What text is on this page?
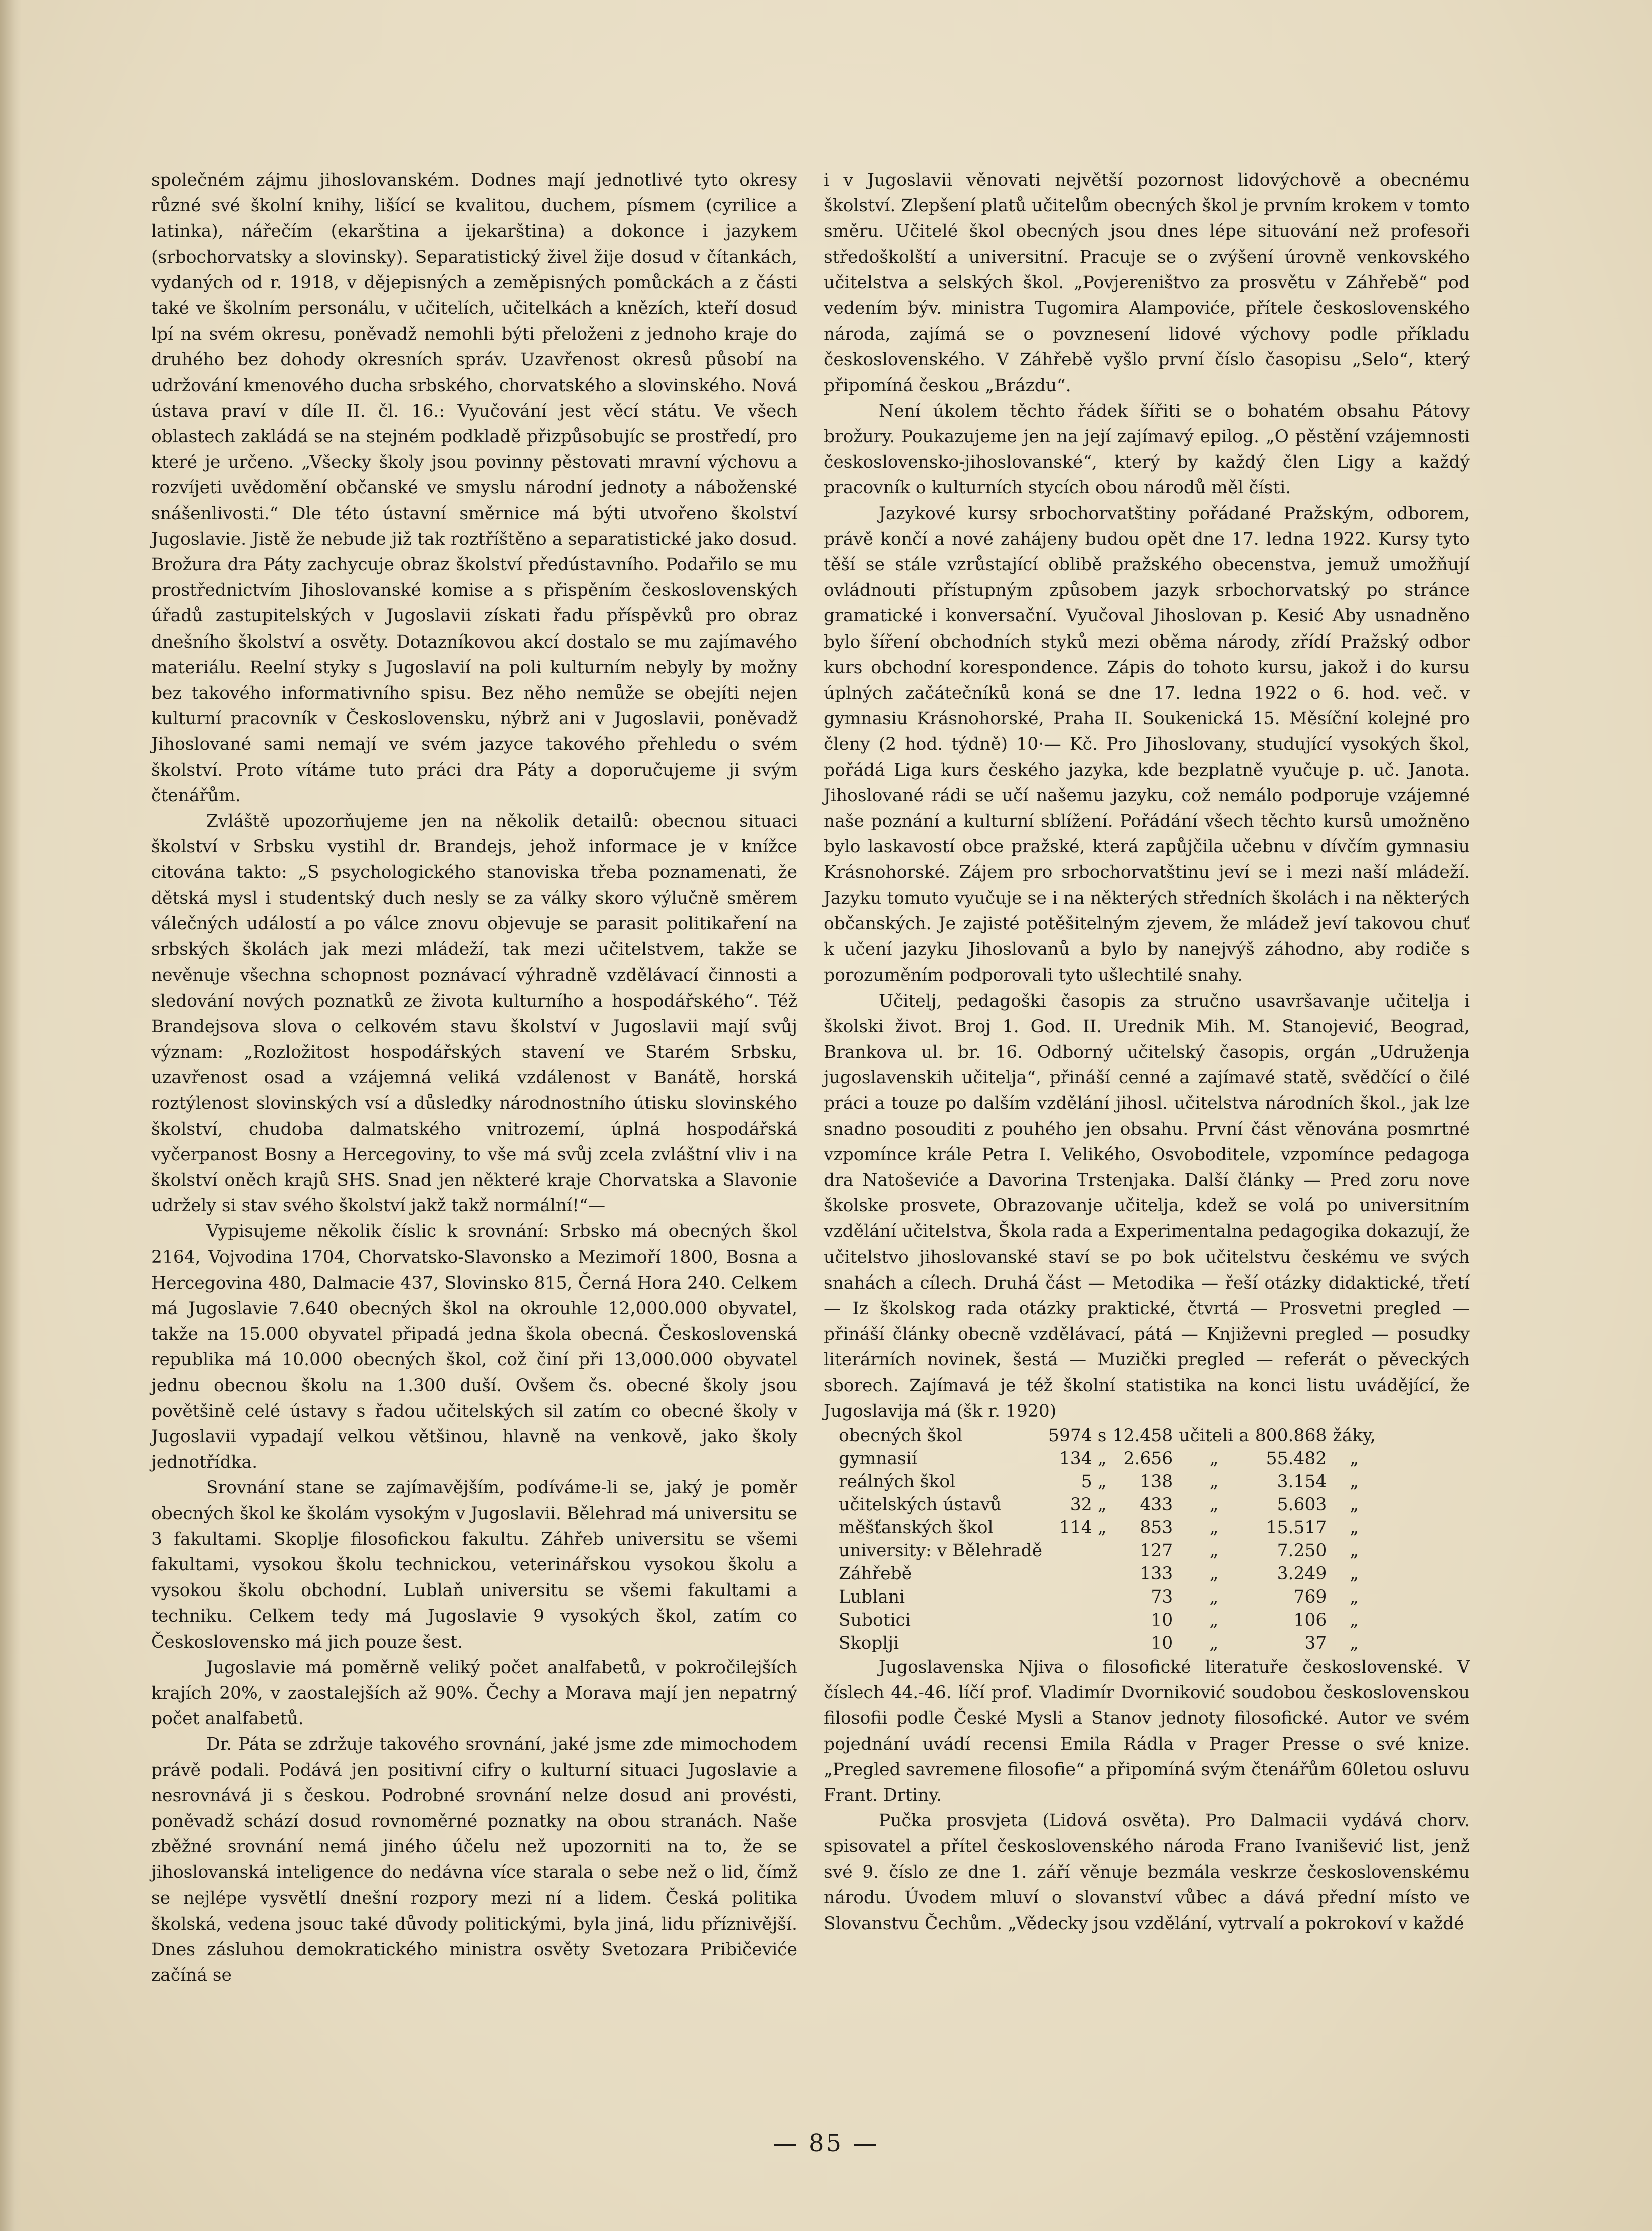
společném zájmu jihoslovanském. Dodnes mají jednotlivé tyto okresy různé své školní knihy, lišící se kvalitou, duchem, písmem (cyrilice a latinka), nářečím (ekarština a ijekarština) a dokonce i jazykem (srbochorvatsky a slovinsky). Separatistický živel žije dosud v čítankách, vydaných od r. 1918, v dějepisných a zeměpisných pomůckách a z části také ve školním personálu, v učitelích, učitelkách a knězích, kteří dosud lpí na svém okresu, poněvadž nemohli býti přeloženi z jednoho kraje do druhého bez dohody okresních správ. Uzavřenost okresů působí na udržování kmenového ducha srbského, chorvatského a slovinského. Nová ústava praví v díle II. čl. 16.: Vyučování jest věcí státu. Ve všech oblastech zakládá se na stejném podkladě přizpůsobujíc se prostředí, pro které je určeno. „Všecky školy jsou povinny pěstovati mravní výchovu a rozvíjeti uvědomění občanské ve smyslu národní jednoty a náboženské snášenlivosti.“ Dle této ústavní směrnice má býti utvořeno školství Jugoslavie. Jistě že nebude již tak roztříštěno a separatistické jako dosud. Brožura dra Páty zachycuje obraz školství předústavního. Podařilo se mu prostřednictvím Jihoslovanské komise a s přispěním československých úřadů zastupitelských v Jugoslavii získati řadu příspěvků pro obraz dnešního školství a osvěty. Dotazníkovou akcí dostalo se mu zajímavého materiálu. Reelní styky s Jugoslavií na poli kulturním nebyly by možny bez takového informativního spisu. Bez něho nemůže se obejíti nejen kulturní pracovník v Československu, nýbrž ani v Jugoslavii, poněvadž Jihoslované sami nemají ve svém jazyce takového přehledu o svém školství. Proto vítáme tuto práci dra Páty a doporučujeme ji svým čtenářům.

Zvláště upozorňujeme jen na několik detailů: obecnou situaci školství v Srbsku vystihl dr. Brandejs, jehož informace je v knížce citována takto: „S psychologického stanoviska třeba poznamenati, že dětská mysl i studentský duch nesly se za války skoro výlučně směrem válečných událostí a po válce znovu objevuje se parasit politikaření na srbských školách jak mezi mládeží, tak mezi učitelstvem, takže se nevěnuje všechna schopnost poznávací výhradně vzdělávací činnosti a sledování nových poznatků ze života kulturního a hospodářského“. Též Brandejsova slova o celkovém stavu školství v Jugoslavii mají svůj význam: „Rozložitost hospodářských stavení ve Starém Srbsku, uzavřenost osad a vzájemná veliká vzdálenost v Banátě, horská roztýlenost slovinských vsí a důsledky národnostního útisku slovinského školství, chudoba dalmatského vnitrozemí, úplná hospodářská vyčerpanost Bosny a Hercegoviny, to vše má svůj zcela zvláštní vliv i na školství oněch krajů SHS. Snad jen některé kraje Chorvatska a Slavonie udržely si stav svého školství jakž takž normální!“—

Vypisujeme několik číslic k srovnání: Srbsko má obecných škol 2164, Vojvodina 1704, Chorvatsko-Slavonsko a Mezimoří 1800, Bosna a Hercegovina 480, Dalmacie 437, Slovinsko 815, Černá Hora 240. Celkem má Jugoslavie 7.640 obecných škol na okrouhle 12,000.000 obyvatel, takže na 15.000 obyvatel připadá jedna škola obecná. Československá republika má 10.000 obecných škol, což činí při 13,000.000 obyvatel jednu obecnou školu na 1.300 duší. Ovšem čs. obecné školy jsou povětšině celé ústavy s řadou učitelských sil zatím co obecné školy v Jugoslavii vypadají velkou většinou, hlavně na venkově, jako školy jednotřídka.

Srovnání stane se zajímavějším, podíváme-li se, jaký je poměr obecných škol ke školám vysokým v Jugoslavii. Bělehrad má universitu se 3 fakultami. Skoplje filosofickou fakultu. Záhřeb universitu se všemi fakultami, vysokou školu technickou, veterinářskou vysokou školu a vysokou školu obchodní. Lublaň universitu se všemi fakultami a techniku. Celkem tedy má Jugoslavie 9 vysokých škol, zatím co Československo má jich pouze šest.

Jugoslavie má poměrně veliký počet analfabetů, v pokročilejších krajích 20%, v zaostalejších až 90%. Čechy a Morava mají jen nepatrný počet analfabetů.

Dr. Páta se zdržuje takového srovnání, jaké jsme zde mimochodem právě podali. Podává jen positivní cifry o kulturní situaci Jugoslavie a nesrovnává ji s českou. Podrobné srovnání nelze dosud ani provésti, poněvadž schází dosud rovnoměrné poznatky na obou stranách. Naše zběžné srovnání nemá jiného účelu než upozorniti na to, že se jihoslovanská inteligence do nedávna více starala o sebe než o lid, čímž se nejlépe vysvětlí dnešní rozpory mezi ní a lidem. Česká politika školská, vedena jsouc také důvody politickými, byla jiná, lidu příznivější. Dnes zásluhou demokratického ministra osvěty Svetozara Pribičeviće začíná se

i v Jugoslavii věnovati největší pozornost lidovýchově a obecnému školství. Zlepšení platů učitelům obecných škol je prvním krokem v tomto směru. Učitelé škol obecných jsou dnes lépe situování než profesoři středoškolští a universitní. Pracuje se o zvýšení úrovně venkovského učitelstva a selských škol. „Povjereništvo za prosvětu v Záhřebě“ pod vedením býv. ministra Tugomira Alampoviće, přítele československého národa, zajímá se o povznesení lidové výchovy podle příkladu československého. V Záhřebě vyšlo první číslo časopisu „Selo“, který připomíná českou „Brázdu“.

Není úkolem těchto řádek šířiti se o bohatém obsahu Pátovy brožury. Poukazujeme jen na její zajímavý epilog. „O pěstění vzájemnosti československo-jihoslovanské“, který by každý člen Ligy a každý pracovník o kulturních stycích obou národů měl čísti.

Jazykové kursy srbochorvatštiny pořádané Pražským, odborem, právě končí a nové zahájeny budou opět dne 17. ledna 1922. Kursy tyto těší se stále vzrůstající oblibě pražského obecenstva, jemuž umožňují ovládnouti přístupným způsobem jazyk srbochorvatský po stránce gramatické i konversační. Vyučoval Jihoslovan p. Kesić Aby usnadněno bylo šíření obchodních styků mezi oběma národy, zřídí Pražský odbor kurs obchodní korespondence. Zápis do tohoto kursu, jakož i do kursu úplných začátečníků koná se dne 17. ledna 1922 o 6. hod. več. v gymnasiu Krásnohorské, Praha II. Soukenická 15. Měsíční kolejné pro členy (2 hod. týdně) 10·— Kč. Pro Jihoslovany, studující vysokých škol, pořádá Liga kurs českého jazyka, kde bezplatně vyučuje p. uč. Janota. Jihoslované rádi se učí našemu jazyku, což nemálo podporuje vzájemné naše poznání a kulturní sblížení. Pořádání všech těchto kursů umožněno bylo laskavostí obce pražské, která zapůjčila učebnu v dívčím gymnasiu Krásnohorské. Zájem pro srbochorvatštinu jeví se i mezi naší mládeží. Jazyku tomuto vyučuje se i na některých středních školách i na některých občanských. Je zajisté potěšitelným zjevem, že mládež jeví takovou chuť k učení jazyku Jihoslovanů a bylo by nanejvýš záhodno, aby rodiče s porozuměním podporovali tyto ušlechtilé snahy.

Učitelj, pedagoški časopis za stručno usavršavanje učitelja i školski život. Broj 1. God. II. Urednik Mih. M. Stanojević, Beograd, Brankova ul. br. 16. Odborný učitelský časopis, orgán „Udruženja jugoslavenskih učitelja“, přináší cenné a zajímavé statě, svědčící o čilé práci a touze po dalším vzdělání jihosl. učitelstva národních škol., jak lze snadno posouditi z pouhého jen obsahu. První část věnována posmrtné vzpomínce krále Petra I. Velikého, Osvoboditele, vzpomínce pedagoga dra Natoševiće a Davorina Trstenjaka. Další články — Pred zoru nove školske prosvete, Obrazovanje učitelja, kdež se volá po universitním vzdělání učitelstva, Škola rada a Experimentalna pedagogika dokazují, že učitelstvo jihoslovanské staví se po bok učitelstvu českému ve svých snahách a cílech. Druhá část — Metodika — řeší otázky didaktické, třetí — Iz školskog rada otázky praktické, čtvrtá — Prosvetni pregled — přináší články obecně vzdělávací, pátá — Književni pregled — posudky literárních novinek, šestá — Muzički pregled — referát o pěveckých sborech. Zajímavá je též školní statistika na konci listu uvádějící, že Jugoslavija má (šk r. 1920)

obecných škol	5974 s	12.458	učiteli a	800.868	žáky,
gymnasií	134 „	2.656	„	55.482	„
reálných škol	5 „	138	„	3.154	„
učitelských ústavů	32 „	433	„	5.603	„
měšťanských škol	114 „	853	„	15.517	„
university: v Bělehradě		127	„	7.250	„
Záhřebě		133	„	3.249	„
Lublani		73	„	769	„
Subotici		10	„	106	„
Skoplji		10	„	37	„

Jugoslavenska Njiva o filosofické literatuře československé. V číslech 44.-46. líčí prof. Vladimír Dvorniković soudobou československou filosofii podle České Mysli a Stanov jednoty filosofické. Autor ve svém pojednání uvádí recensi Emila Rádla v Prager Presse o své knize. „Pregled savremene filosofie“ a připomíná svým čtenářům 60letou osluvu Frant. Drtiny.

Pučka prosvjeta (Lidová osvěta). Pro Dalmacii vydává chorv. spisovatel a přítel československého národa Frano Ivanišević list, jenž své 9. číslo ze dne 1. září věnuje bezmála veskrze československému národu. Úvodem mluví o slovanství vůbec a dává přední místo ve Slovanstvu Čechům. „Vědecky jsou vzdělání, vytrvalí a pokrokoví v každé

— 85 —
